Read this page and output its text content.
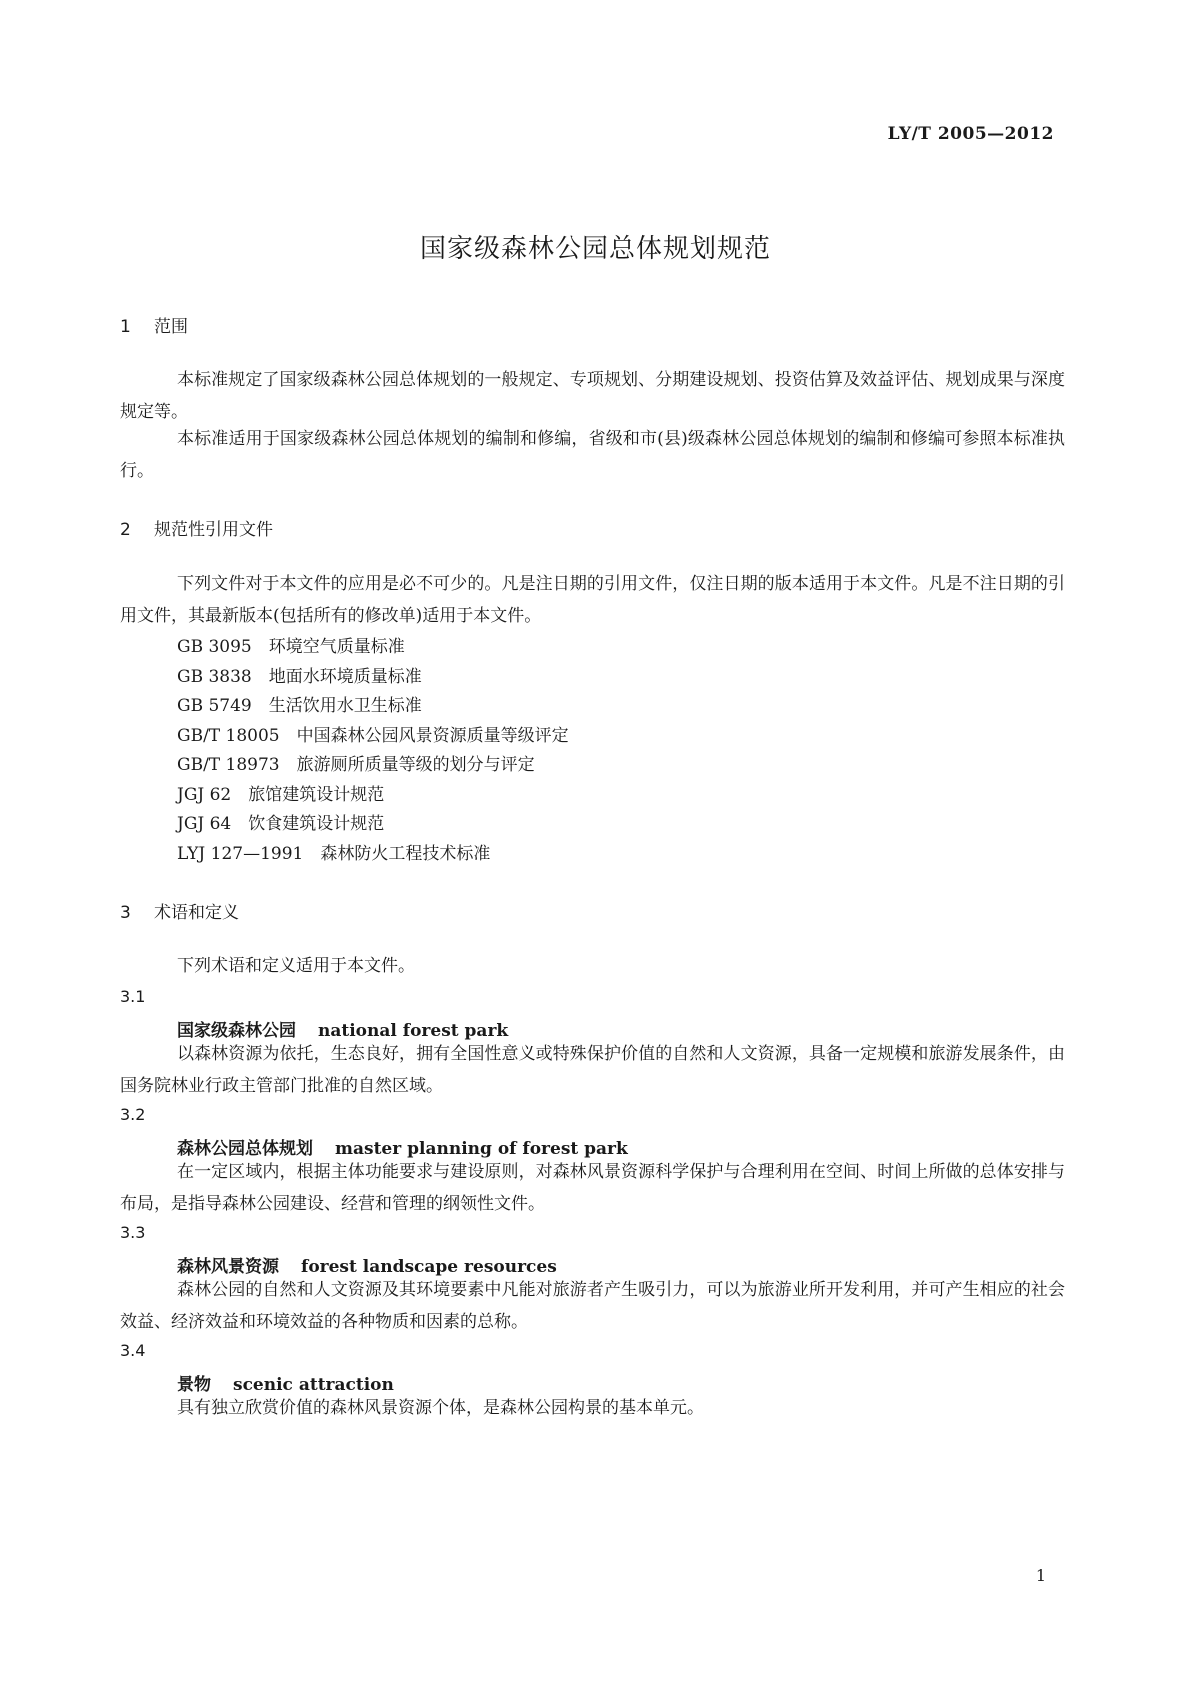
LY/T 2005—2012
国家级森林公园总体规划规范
1 范围

本标准规定了国家级森林公园总体规划的一般规定、专项规划、分期建设规划、投资估算及效益评估、规划成果与深度规定等。

本标准适用于国家级森林公园总体规划的编制和修编，省级和市(县)级森林公园总体规划的编制和修编可参照本标准执行。

2 规范性引用文件

下列文件对于本文件的应用是必不可少的。凡是注日期的引用文件，仅注日期的版本适用于本文件。凡是不注日期的引用文件，其最新版本(包括所有的修改单)适用于本文件。

GB 3095 环境空气质量标准
GB 3838 地面水环境质量标准
GB 5749 生活饮用水卫生标准
GB/T 18005 中国森林公园风景资源质量等级评定
GB/T 18973 旅游厕所质量等级的划分与评定
JGJ 62 旅馆建筑设计规范
JGJ 64 饮食建筑设计规范
LYJ 127—1991 森林防火工程技术标准
3 术语和定义
下列术语和定义适用于本文件。
3.1
国家级森林公园 national forest park

以森林资源为依托，生态良好，拥有全国性意义或特殊保护价值的自然和人文资源，具备一定规模和旅游发展条件，由国务院林业行政主管部门批准的自然区域。

3.2
森林公园总体规划 master planning of forest park

在一定区域内，根据主体功能要求与建设原则，对森林风景资源科学保护与合理利用在空间、时间上所做的总体安排与布局，是指导森林公园建设、经营和管理的纲领性文件。

3.3
森林风景资源 forest landscape resources

森林公园的自然和人文资源及其环境要素中凡能对旅游者产生吸引力，可以为旅游业所开发利用，并可产生相应的社会效益、经济效益和环境效益的各种物质和因素的总称。

3.4
景物 scenic attraction

具有独立欣赏价值的森林风景资源个体，是森林公园构景的基本单元。

1
